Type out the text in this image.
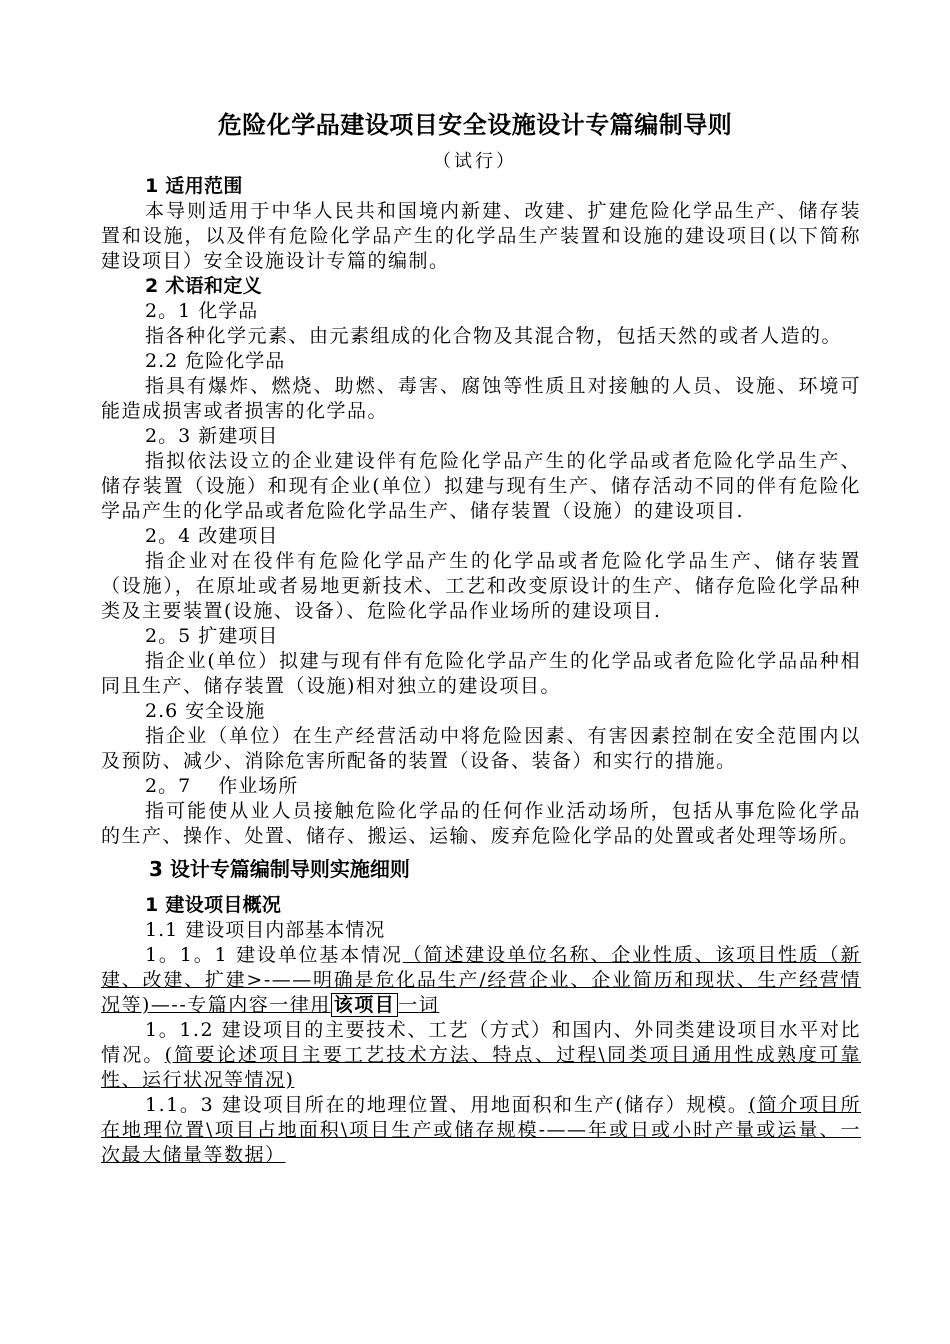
危险化学品建设项目安全设施设计专篇编制导则
（试行）
1 适用范围

本导则适用于中华人民共和国境内新建、改建、扩建危险化学品生产、储存装置和设施，以及伴有危险化学品产生的化学品生产装置和设施的建设项目(以下简称建设项目）安全设施设计专篇的编制。

2 术语和定义
2。1 化学品

指各种化学元素、由元素组成的化合物及其混合物，包括天然的或者人造的。

2.2 危险化学品

指具有爆炸、燃烧、助燃、毒害、腐蚀等性质且对接触的人员、设施、环境可能造成损害或者损害的化学品。

2。3 新建项目

指拟依法设立的企业建设伴有危险化学品产生的化学品或者危险化学品生产、储存装置（设施）和现有企业(单位）拟建与现有生产、储存活动不同的伴有危险化学品产生的化学品或者危险化学品生产、储存装置（设施）的建设项目.

2。4 改建项目

指企业对在役伴有危险化学品产生的化学品或者危险化学品生产、储存装置（设施），在原址或者易地更新技术、工艺和改变原设计的生产、储存危险化学品种类及主要装置(设施、设备）、危险化学品作业场所的建设项目.

2。5 扩建项目

指企业(单位）拟建与现有伴有危险化学品产生的化学品或者危险化学品品种相同且生产、储存装置（设施)相对独立的建设项目。

2.6 安全设施

指企业（单位）在生产经营活动中将危险因素、有害因素控制在安全范围内以及预防、减少、消除危害所配备的装置（设备、装备）和实行的措施。

2。7　 作业场所

指可能使从业人员接触危险化学品的任何作业活动场所，包括从事危险化学品的生产、操作、处置、储存、搬运、运输、废弃危险化学品的处置或者处理等场所。

3 设计专篇编制导则实施细则
1 建设项目概况
1.1 建设项目内部基本情况

1。1。1 建设单位基本情况（简述建设单位名称、企业性质、该项目性质（新建、改建、扩建>-——明确是危化品生产/经营企业、企业简历和现状、生产经营情况等)—--专篇内容一律用 该项目 一词

1。1.2 建设项目的主要技术、工艺（方式）和国内、外同类建设项目水平对比情况。(简要论述项目主要工艺技术方法、特点、过程\同类项目通用性成熟度可靠性、运行状况等情况)

1.1。3 建设项目所在的地理位置、用地面积和生产(储存）规模。(简介项目所在地理位置\项目占地面积\项目生产或储存规模-——年或日或小时产量或运量、一次最大储量等数据）
